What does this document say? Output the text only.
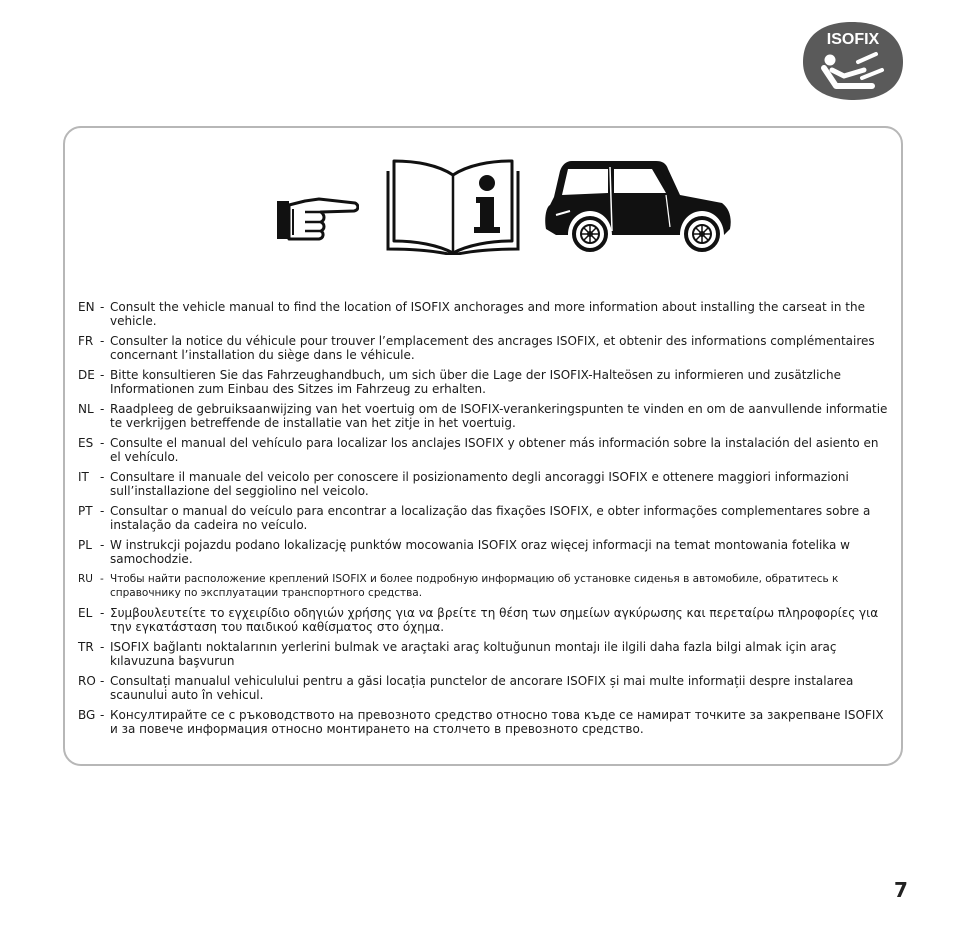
ISOFIX
EN - Consult the vehicle manual to find the location of ISOFIX anchorages and more information about installing the carseat in the vehicle.
FR - Consulter la notice du véhicule pour trouver l’emplacement des ancrages ISOFIX, et obtenir des informations complémentaires concernant l’installation du siège dans le véhicule.
DE - Bitte konsultieren Sie das Fahrzeughandbuch, um sich über die Lage der ISOFIX-Halteösen zu informieren und zusätzliche Informationen zum Einbau des Sitzes im Fahrzeug zu erhalten.
NL - Raadpleeg de gebruiksaanwijzing van het voertuig om de ISOFIX-verankeringspunten te vinden en om de aanvullende informatie te verkrijgen betreffende de installatie van het zitje in het voertuig.
ES - Consulte el manual del vehículo para localizar los anclajes ISOFIX y obtener más información sobre la instalación del asiento en el vehículo.
IT - Consultare il manuale del veicolo per conoscere il posizionamento degli ancoraggi ISOFIX e ottenere maggiori informazioni sull’installazione del seggiolino nel veicolo.
PT - Consultar o manual do veículo para encontrar a localização das fixações ISOFIX, e obter informações complementares sobre a instalação da cadeira no veículo.
PL - W instrukcji pojazdu podano lokalizację punktów mocowania ISOFIX oraz więcej informacji na temat montowania fotelika w samochodzie.
RU - Чтобы найти расположение креплений ISOFIX и более подробную информацию об установке сиденья в автомобиле, обратитесь к справочнику по эксплуатации транспортного средства.
EL - Συμβουλευτείτε το εγχειρίδιο οδηγιών χρήσης για να βρείτε τη θέση των σημείων αγκύρωσης και περεταίρω πληροφορίες για την εγκατάσταση του παιδικού καθίσματος στο όχημα.
TR - ISOFIX bağlantı noktalarının yerlerini bulmak ve araçtaki araç koltuğunun montajı ile ilgili daha fazla bilgi almak için araç kılavuzuna başvurun
RO - Consultați manualul vehiculului pentru a găsi locația punctelor de ancorare ISOFIX și mai multe informații despre instalarea scaunului auto în vehicul.
BG - Консултирайте се с ръководството на превозното средство относно това къде се намират точките за закрепване ISOFIX и за повече информация относно монтирането на столчето в превозното средство.
7
